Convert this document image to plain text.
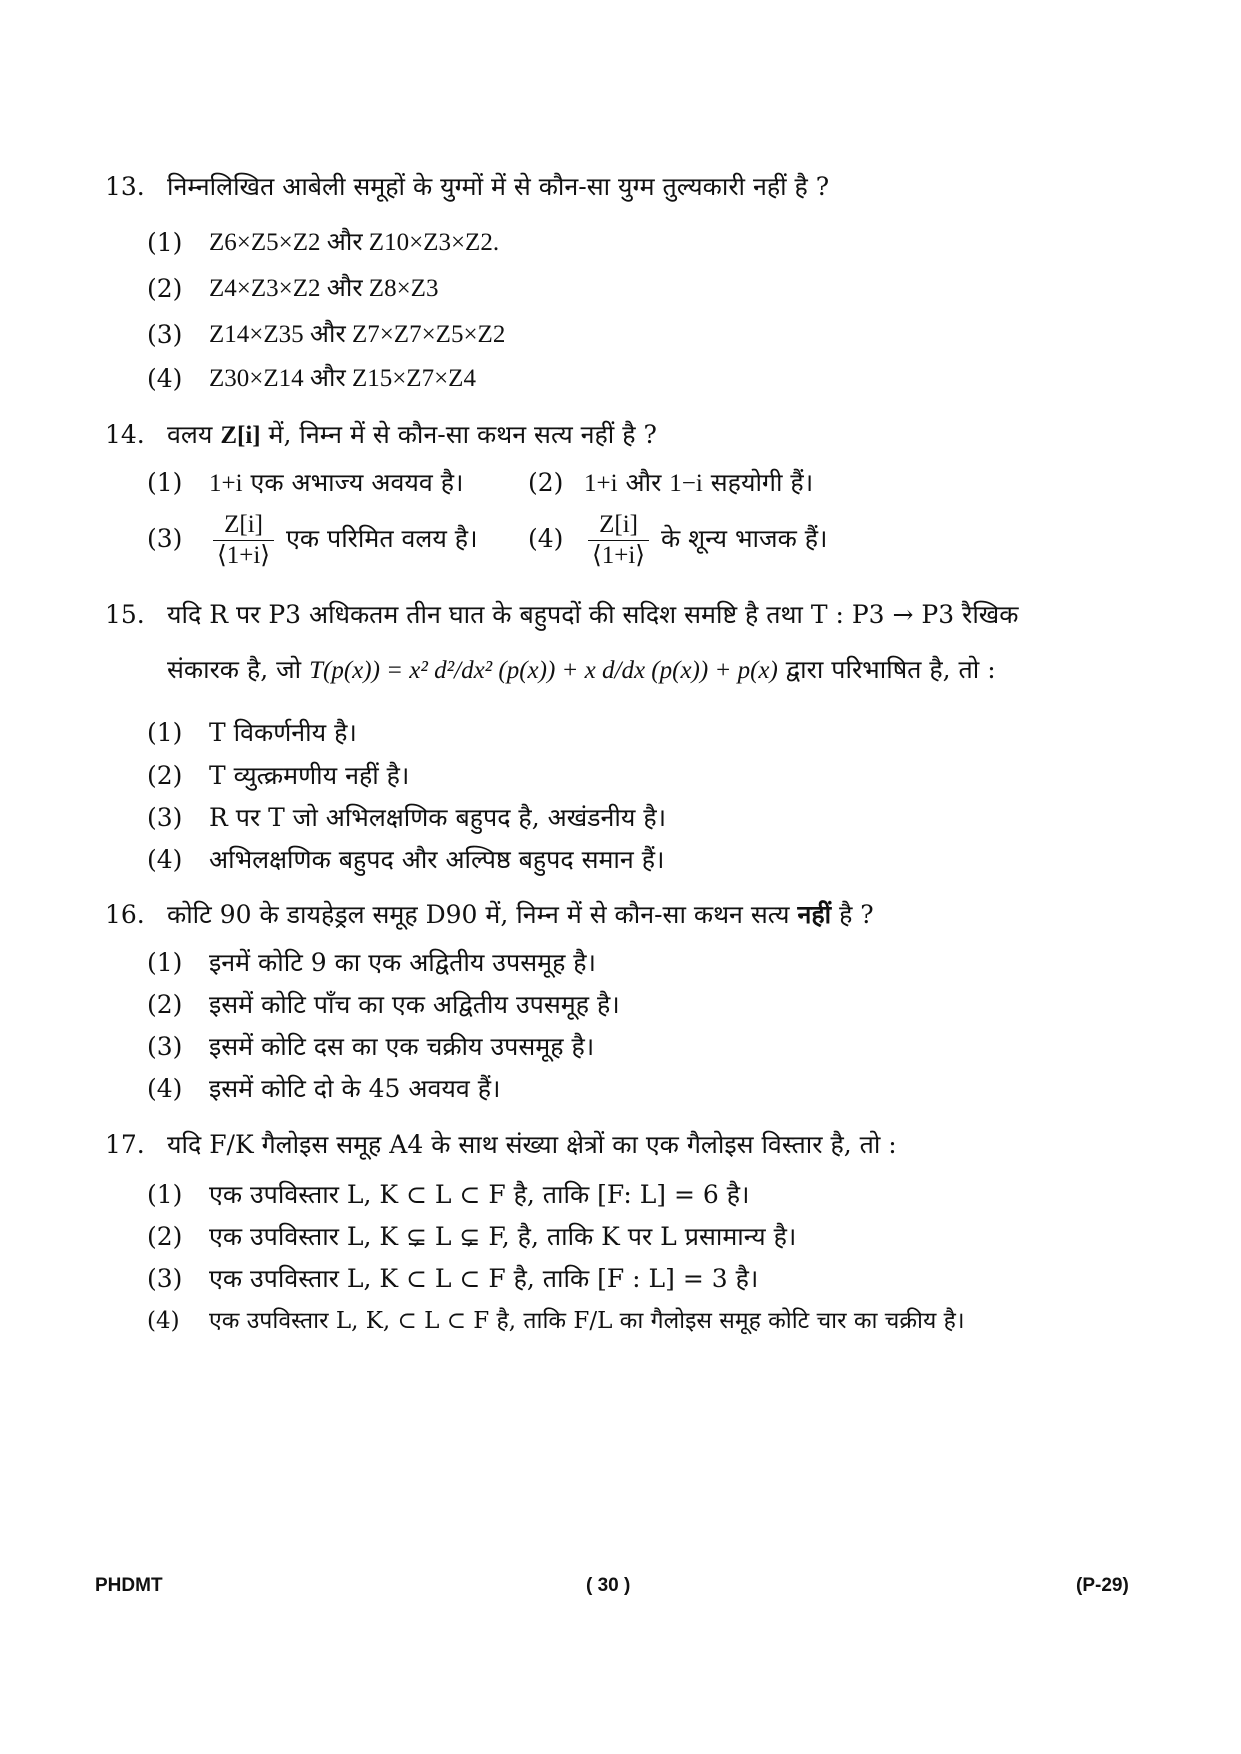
13. निम्नलिखित आबेली समूहों के युग्मों में से कौन-सा युग्म तुल्यकारी नहीं है ?
(1) Z6×Z5×Z2 और Z10×Z3×Z2.
(2) Z4×Z3×Z2 और Z8×Z3
(3) Z14×Z35 और Z7×Z7×Z5×Z2
(4) Z30×Z14 और Z15×Z7×Z4
14. वलय Z[i] में, निम्न में से कौन-सा कथन सत्य नहीं है ?
(1) 1+i एक अभाज्य अवयव है।	(2) 1+i और 1−i सहयोगी हैं।
$(3) \frac{Z[i]}{⟨1+i⟩}$ एक परिमित वलय है। $(4) \frac{Z[i]}{⟨1+i⟩}$ के शून्य भाजक हैं।
15. यदि R पर P3 अधिकतम तीन घात के बहुपदों की सदिश समष्टि है तथा T : P3 → P3 रैखिक
संकारक है, जो T(p(x)) = x² d²/dx² (p(x)) + x d/dx (p(x)) + p(x) द्वारा परिभाषित है, तो :
(1) T विकर्णनीय है।
(2) T व्युत्क्रमणीय नहीं है।
(3) R पर T जो अभिलक्षणिक बहुपद है, अखंडनीय है।
(4) अभिलक्षणिक बहुपद और अल्पिष्ठ बहुपद समान हैं।
16. कोटि 90 के डायहेड्रल समूह D90 में, निम्न में से कौन-सा कथन सत्य नहीं है ?
(1) इनमें कोटि 9 का एक अद्वितीय उपसमूह है।
(2) इसमें कोटि पाँच का एक अद्वितीय उपसमूह है।
(3) इसमें कोटि दस का एक चक्रीय उपसमूह है।
(4) इसमें कोटि दो के 45 अवयव हैं।
17. यदि F/K गैलोइस समूह A4 के साथ संख्या क्षेत्रों का एक गैलोइस विस्तार है, तो :
(1) एक उपविस्तार L, K ⊂ L ⊂ F है, ताकि [F: L] = 6 है।
(2) एक उपविस्तार L, K ⊊ L ⊊ F, है, ताकि K पर L प्रसामान्य है।
(3) एक उपविस्तार L, K ⊂ L ⊂ F है, ताकि [F : L] = 3 है।
(4) एक उपविस्तार L, K, ⊂ L ⊂ F है, ताकि F/L का गैलोइस समूह कोटि चार का चक्रीय है।
PHDMT	( 30 )	(P-29)
